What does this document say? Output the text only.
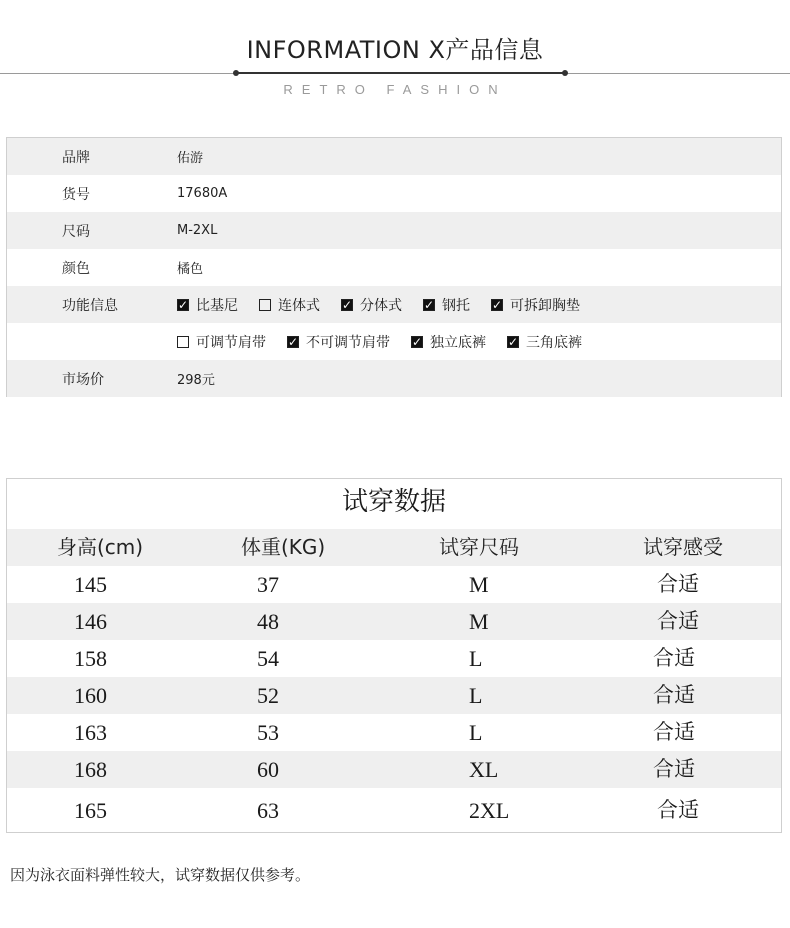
INFORMATION X产品信息
RETRO FASHION
品牌	佑游
货号	17680A
尺码	M-2XL
颜色	橘色
功能信息	✓ 比基尼	连体式 ✓ 分体式 ✓ 钢托 ✓ 可拆卸胸垫
可调节肩带 ✓ 不可调节肩带 ✓ 独立底裤 ✓ 三角底裤
市场价	298元
试穿数据
身高(cm)	体重(KG)	试穿尺码	试穿感受
145	37	M	合适
146	48	M	合适
158	54	L	合适
160	52	L	合适
163	53	L	合适
168	60	XL	合适
165	63	2XL	合适
因为泳衣面料弹性较大，试穿数据仅供参考。
